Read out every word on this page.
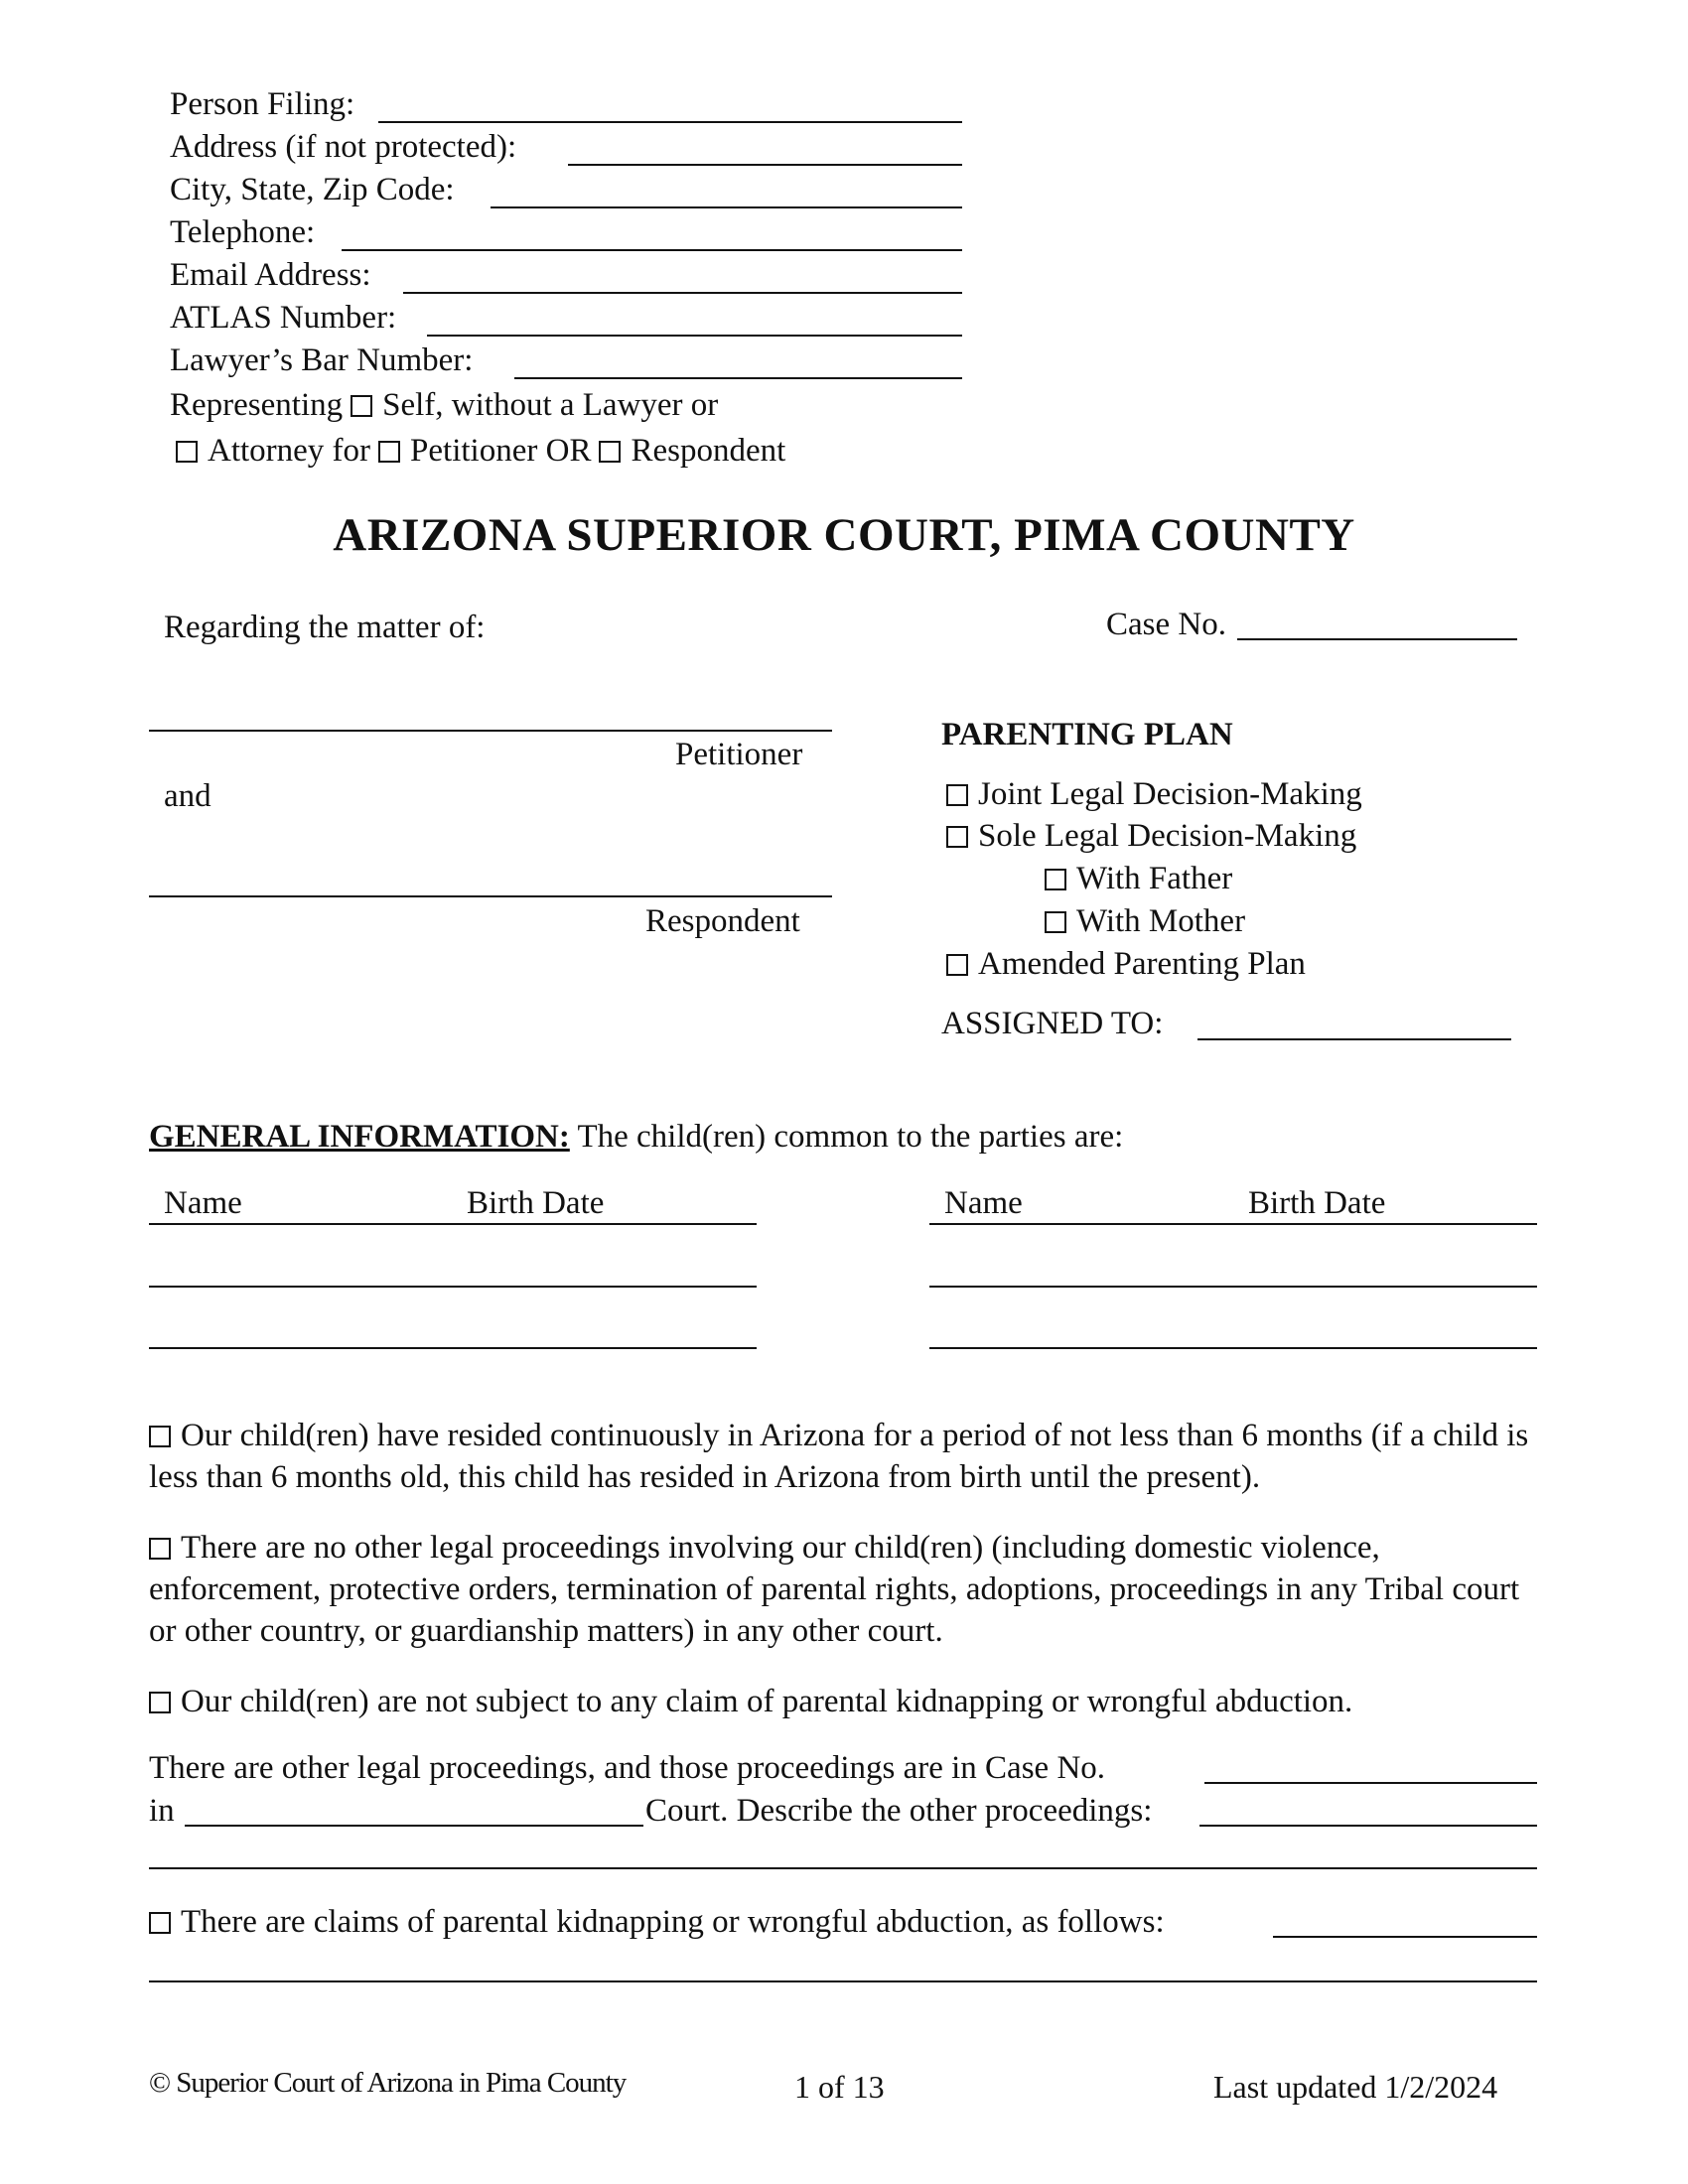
Person Filing:
Address (if not protected):
City, State, Zip Code:
Telephone:
Email Address:
ATLAS Number:
Lawyer’s Bar Number:
Representing Self, without a Lawyer or
Attorney for Petitioner OR Respondent
ARIZONA SUPERIOR COURT, PIMA COUNTY
Regarding the matter of:	Case No.
Petitioner
and
Respondent
PARENTING PLAN
Joint Legal Decision-Making
Sole Legal Decision-Making
With Father
With Mother
Amended Parenting Plan
ASSIGNED TO:
GENERAL INFORMATION: The child(ren) common to the parties are:
Name	Birth Date	Name	Birth Date
Our child(ren) have resided continuously in Arizona for a period of not less than 6 months (if a child is less than 6 months old, this child has resided in Arizona from birth until the present).
There are no other legal proceedings involving our child(ren) (including domestic violence, enforcement, protective orders, termination of parental rights, adoptions, proceedings in any Tribal court or other country, or guardianship matters) in any other court.
Our child(ren) are not subject to any claim of parental kidnapping or wrongful abduction.
There are other legal proceedings, and those proceedings are in Case No.
in	Court. Describe the other proceedings:
There are claims of parental kidnapping or wrongful abduction, as follows:
© Superior Court of Arizona in Pima County	1 of 13	Last updated 1/2/2024
